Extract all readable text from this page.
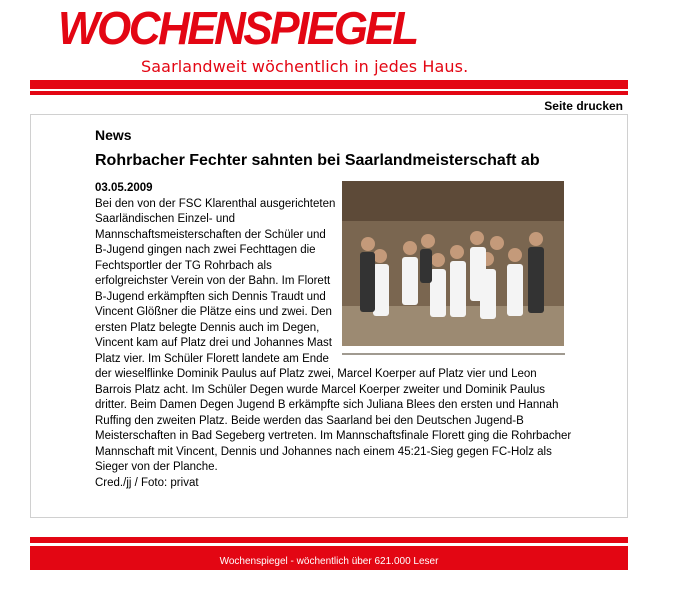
WOCHENSPIEGEL
Saarlandweit wöchentlich in jedes Haus.
Seite drucken
News
Rohrbacher Fechter sahnten bei Saarlandmeisterschaft ab
03.05.2009

Bei den von der FSC Klarenthal ausgerichteten Saarländischen Einzel- und Mannschaftsmeisterschaften der Schüler und B-Jugend gingen nach zwei Fechttagen die Fechtsportler der TG Rohrbach als erfolgreichster Verein von der Bahn. Im Florett B-Jugend erkämpften sich Dennis Traudt und Vincent Glößner die Plätze eins und zwei. Den ersten Platz belegte Dennis auch im Degen, Vincent kam auf Platz drei und Johannes Mast Platz vier. Im Schüler Florett landete am Ende der wieselflinke Dominik Paulus auf Platz zwei, Marcel Koerper auf Platz vier und Leon Barrois Platz acht. Im Schüler Degen wurde Marcel Koerper zweiter und Dominik Paulus dritter. Beim Damen Degen Jugend B erkämpfte sich Juliana Blees den ersten und Hannah Ruffing den zweiten Platz. Beide werden das Saarland bei den Deutschen Jugend-B Meisterschaften in Bad Segeberg vertreten. Im Mannschaftsfinale Florett ging die Rohrbacher Mannschaft mit Vincent, Dennis und Johannes nach einem 45:21-Sieg gegen FC-Holz als Sieger von der Planche.

Cred./jj / Foto: privat
Wochenspiegel - wöchentlich über 621.000 Leser
